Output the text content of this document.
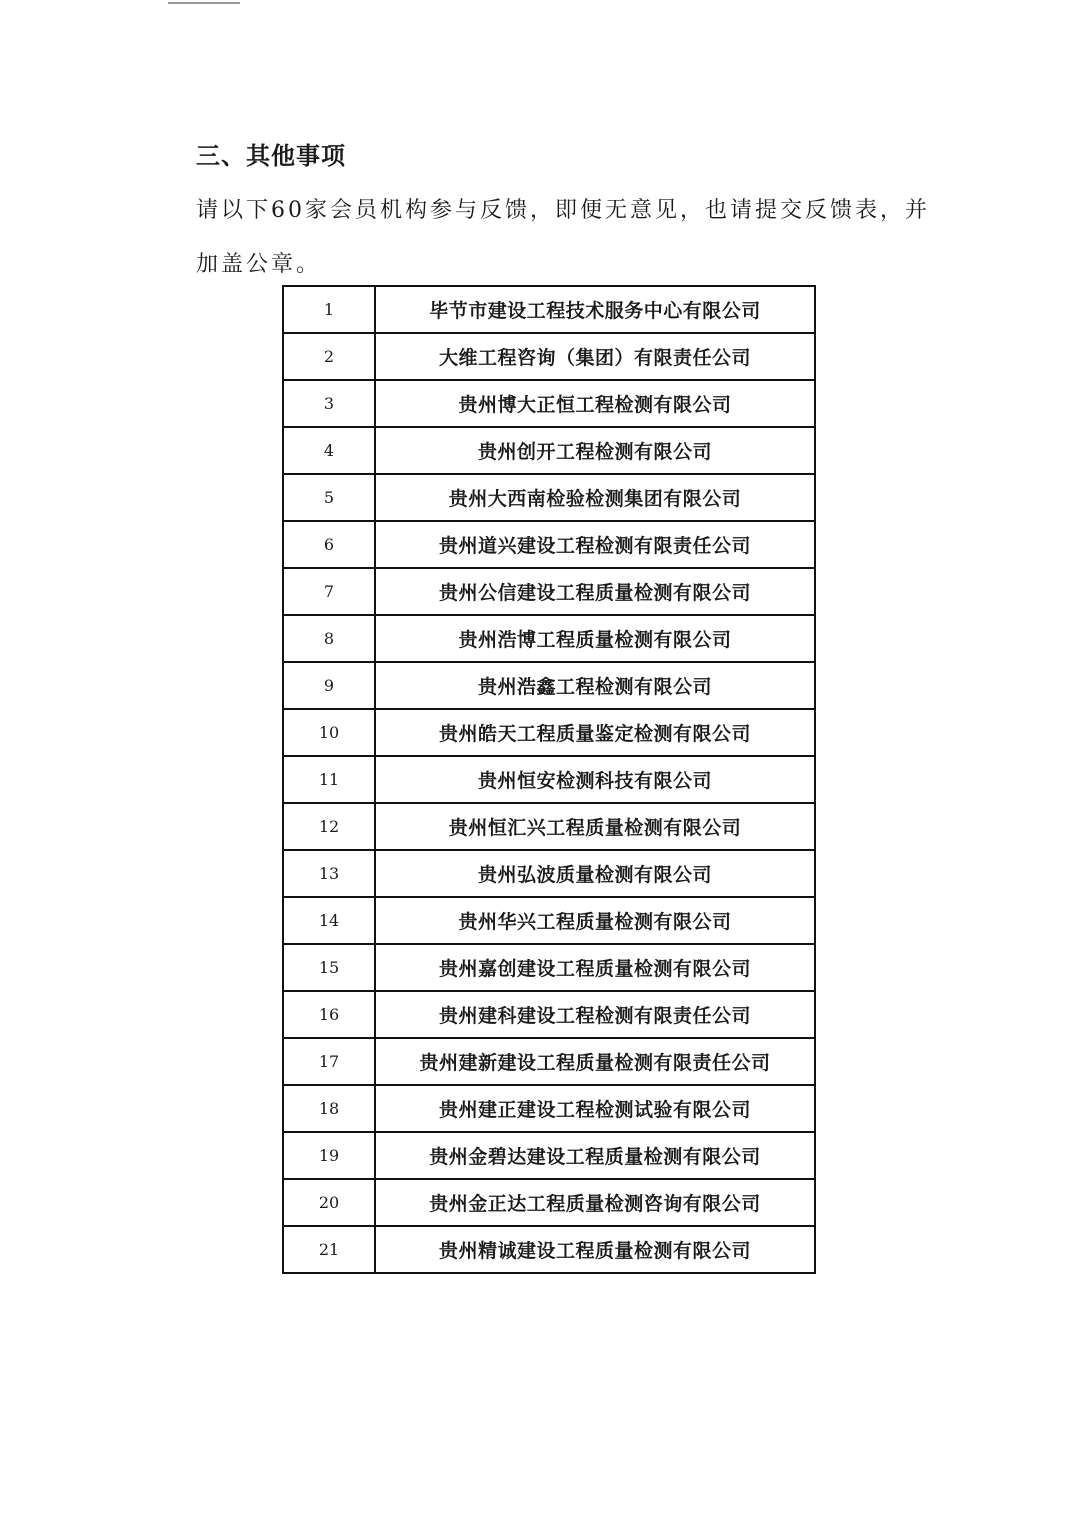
三、其他事项

请以下60家会员机构参与反馈，即便无意见，也请提交反馈表，并
加盖公章。

1	毕节市建设工程技术服务中心有限公司
2	大维工程咨询（集团）有限责任公司
3	贵州博大正恒工程检测有限公司
4	贵州创开工程检测有限公司
5	贵州大西南检验检测集团有限公司
6	贵州道兴建设工程检测有限责任公司
7	贵州公信建设工程质量检测有限公司
8	贵州浩博工程质量检测有限公司
9	贵州浩鑫工程检测有限公司
10	贵州皓天工程质量鉴定检测有限公司
11	贵州恒安检测科技有限公司
12	贵州恒汇兴工程质量检测有限公司
13	贵州弘波质量检测有限公司
14	贵州华兴工程质量检测有限公司
15	贵州嘉创建设工程质量检测有限公司
16	贵州建科建设工程检测有限责任公司
17	贵州建新建设工程质量检测有限责任公司
18	贵州建正建设工程检测试验有限公司
19	贵州金碧达建设工程质量检测有限公司
20	贵州金正达工程质量检测咨询有限公司
21	贵州精诚建设工程质量检测有限公司
